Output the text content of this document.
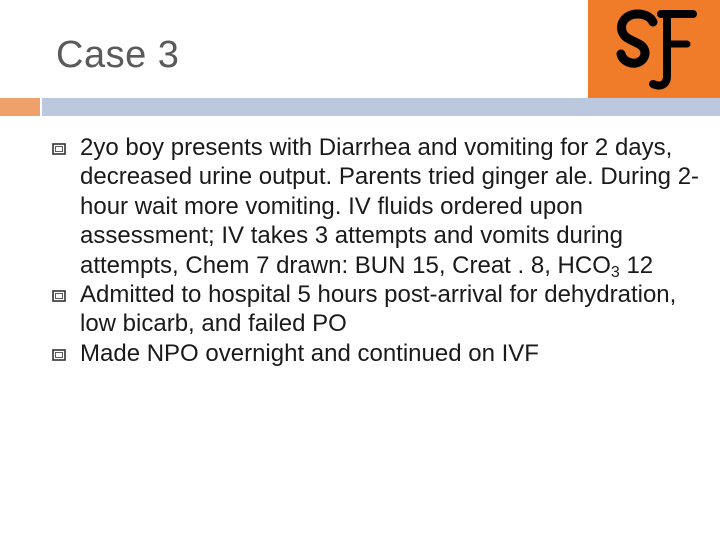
Case 3
2yo boy presents with Diarrhea and vomiting for 2 days, decreased urine output. Parents tried ginger ale. During 2-hour wait more vomiting. IV fluids ordered upon assessment; IV takes 3 attempts and vomits during attempts, Chem 7 drawn: BUN 15, Creat . 8, $HCO_3$ 12
Admitted to hospital 5 hours post-arrival for dehydration, low bicarb, and failed PO
Made NPO overnight and continued on IVF
